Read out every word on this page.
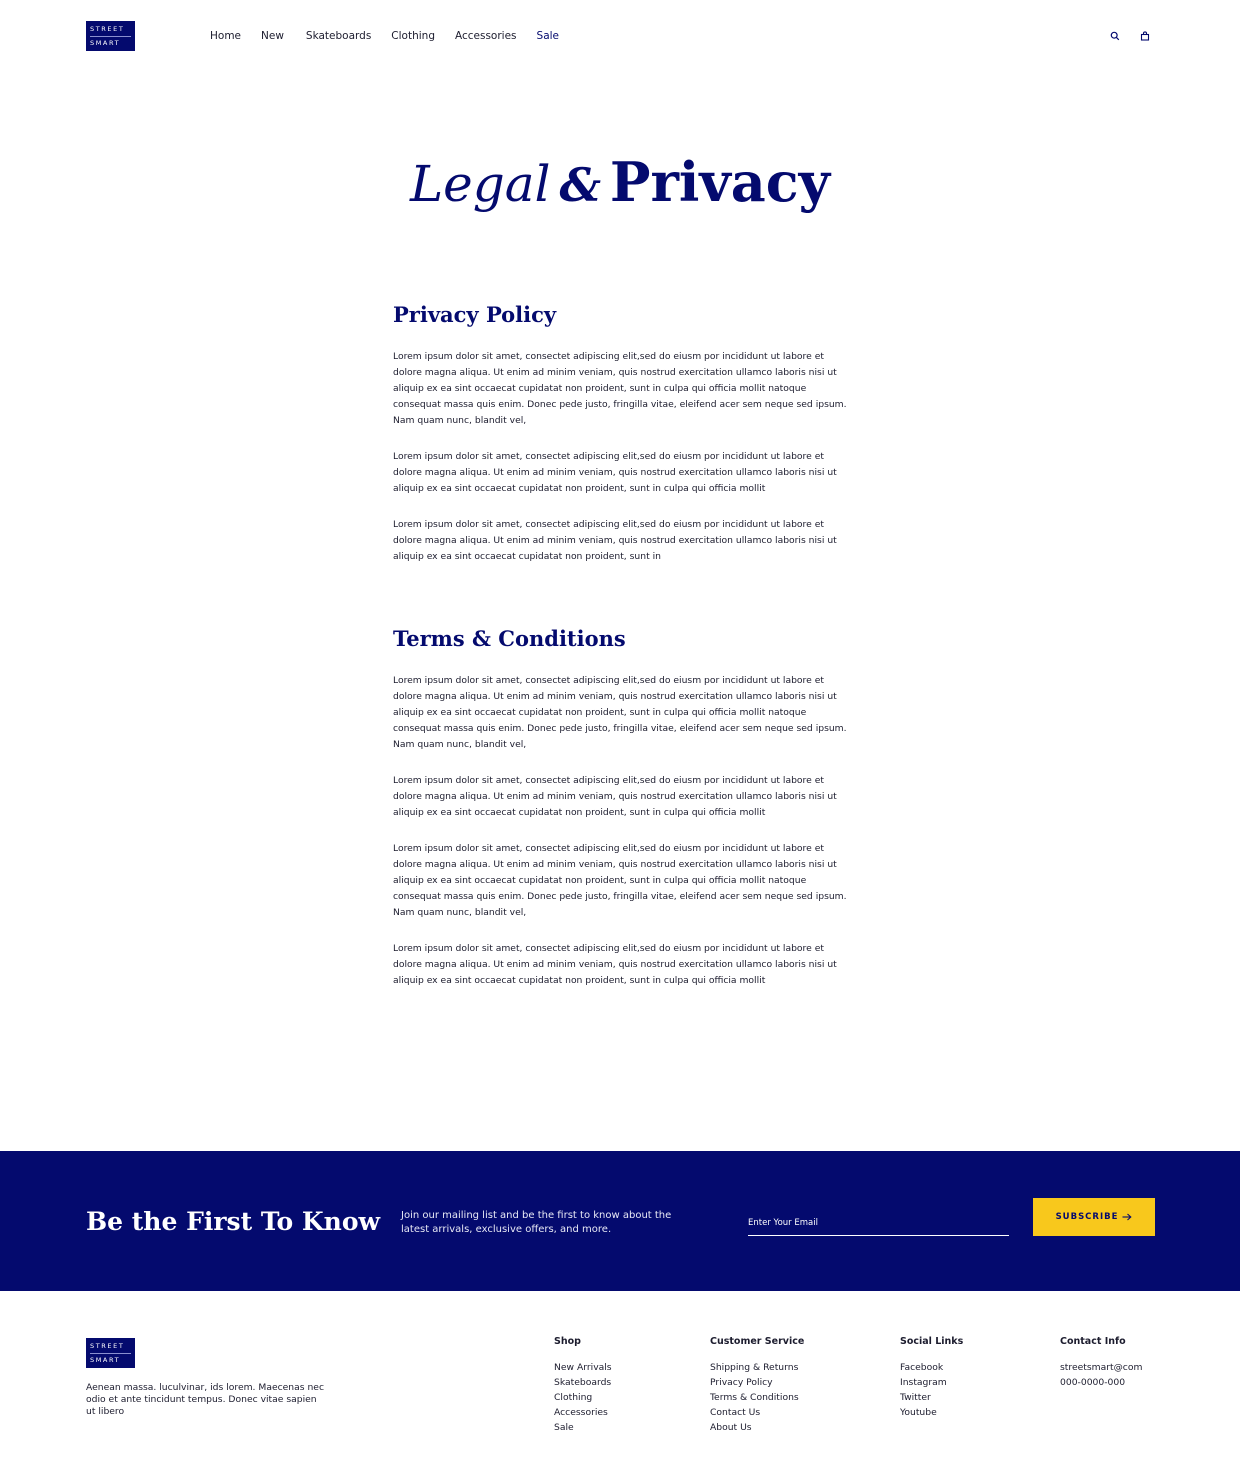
STREET
SMART
Home New Skateboards Clothing Accessories Sale
Legal & Privacy
Privacy Policy

Lorem ipsum dolor sit amet, consectet adipiscing elit,sed do eiusm por incididunt ut labore et dolore magna aliqua. Ut enim ad minim veniam, quis nostrud exercitation ullamco laboris nisi ut aliquip ex ea sint occaecat cupidatat non proident, sunt in culpa qui officia mollit natoque consequat massa quis enim. Donec pede justo, fringilla vitae, eleifend acer sem neque sed ipsum. Nam quam nunc, blandit vel,

Lorem ipsum dolor sit amet, consectet adipiscing elit,sed do eiusm por incididunt ut labore et dolore magna aliqua. Ut enim ad minim veniam, quis nostrud exercitation ullamco laboris nisi ut aliquip ex ea sint occaecat cupidatat non proident, sunt in culpa qui officia mollit

Lorem ipsum dolor sit amet, consectet adipiscing elit,sed do eiusm por incididunt ut labore et dolore magna aliqua. Ut enim ad minim veniam, quis nostrud exercitation ullamco laboris nisi ut aliquip ex ea sint occaecat cupidatat non proident, sunt in

Terms & Conditions

Lorem ipsum dolor sit amet, consectet adipiscing elit,sed do eiusm por incididunt ut labore et dolore magna aliqua. Ut enim ad minim veniam, quis nostrud exercitation ullamco laboris nisi ut aliquip ex ea sint occaecat cupidatat non proident, sunt in culpa qui officia mollit natoque consequat massa quis enim. Donec pede justo, fringilla vitae, eleifend acer sem neque sed ipsum. Nam quam nunc, blandit vel,

Lorem ipsum dolor sit amet, consectet adipiscing elit,sed do eiusm por incididunt ut labore et dolore magna aliqua. Ut enim ad minim veniam, quis nostrud exercitation ullamco laboris nisi ut aliquip ex ea sint occaecat cupidatat non proident, sunt in culpa qui officia mollit

Lorem ipsum dolor sit amet, consectet adipiscing elit,sed do eiusm por incididunt ut labore et dolore magna aliqua. Ut enim ad minim veniam, quis nostrud exercitation ullamco laboris nisi ut aliquip ex ea sint occaecat cupidatat non proident, sunt in culpa qui officia mollit natoque consequat massa quis enim. Donec pede justo, fringilla vitae, eleifend acer sem neque sed ipsum. Nam quam nunc, blandit vel,

Lorem ipsum dolor sit amet, consectet adipiscing elit,sed do eiusm por incididunt ut labore et dolore magna aliqua. Ut enim ad minim veniam, quis nostrud exercitation ullamco laboris nisi ut aliquip ex ea sint occaecat cupidatat non proident, sunt in culpa qui officia mollit

Be the First To Know Join our mailing list and be the first to know about the latest arrivals, exclusive offers, and more.

Enter Your Email
SUBSCRIBE
STREET
SMART

Aenean massa. luculvinar, ids lorem. Maecenas nec odio et ante tincidunt tempus. Donec vitae sapien ut libero

Shop
New Arrivals
Skateboards
Clothing
Accessories
Sale
Customer Service
Shipping & Returns
Privacy Policy
Terms & Conditions
Contact Us
About Us
Social Links
Facebook
Instagram
Twitter
Youtube
Contact Info
streetsmart@com
000-0000-000
